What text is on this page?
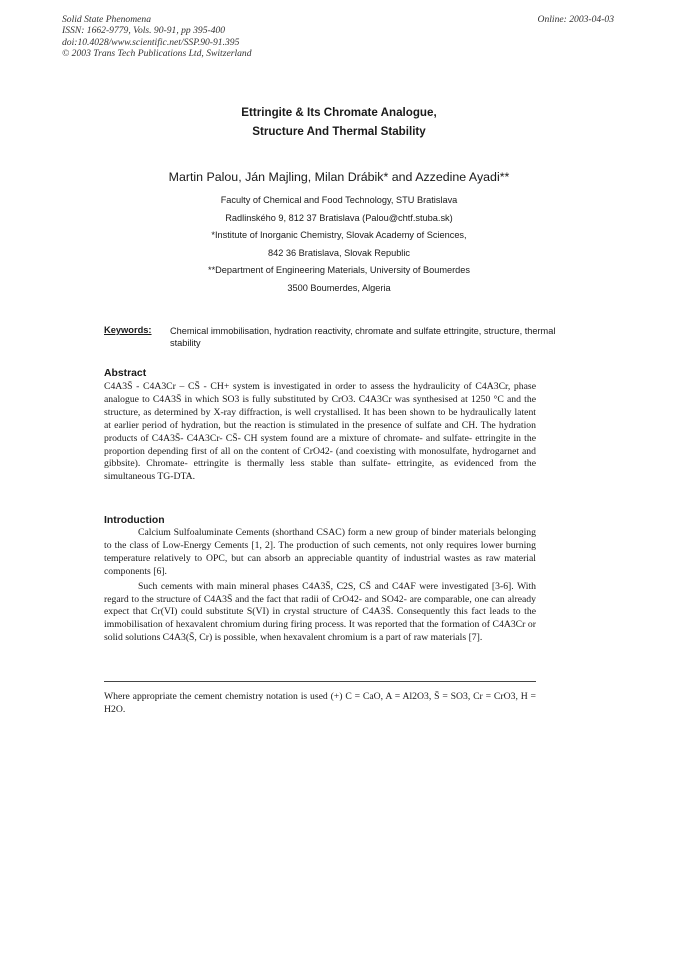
Solid State Phenomena
ISSN: 1662-9779, Vols. 90-91, pp 395-400
doi:10.4028/www.scientific.net/SSP.90-91.395
© 2003 Trans Tech Publications Ltd, Switzerland
Online: 2003-04-03
Ettringite & Its Chromate Analogue,
Structure And Thermal Stability
Martin Palou, Ján Majling, Milan Drábik* and Azzedine Ayadi**
Faculty of Chemical and Food Technology, STU Bratislava
Radlinského 9, 812 37 Bratislava (Palou@chtf.stuba.sk)
*Institute of Inorganic Chemistry, Slovak Academy of Sciences,
842 36 Bratislava, Slovak Republic
**Department of Engineering Materials, University of Boumerdes
3500 Boumerdes, Algeria
Keywords: Chemical immobilisation, hydration reactivity, chromate and sulfate ettringite, structure, thermal stability
Abstract

C4A3S̄ - C4A3Cr – CS̄ - CH+ system is investigated in order to assess the hydraulicity of C4A3Cr, phase analogue to C4A3S̄ in which SO3 is fully substituted by CrO3. C4A3Cr was synthesised at 1250 °C and the structure, as determined by X-ray diffraction, is well crystallised. It has been shown to be hydraulically latent at earlier period of hydration, but the reaction is stimulated in the presence of sulfate and CH. The hydration products of C4A3S̄- C4A3Cr- CS̄- CH system found are a mixture of chromate- and sulfate- ettringite in the proportion depending first of all on the content of CrO42- (and coexisting with monosulfate, hydrogarnet and gibbsite). Chromate- ettringite is thermally less stable than sulfate- ettringite, as evidenced from the simultaneous TG-DTA.

Introduction

Calcium Sulfoaluminate Cements (shorthand CSAC) form a new group of binder materials belonging to the class of Low-Energy Cements [1, 2]. The production of such cements, not only requires lower burning temperature relatively to OPC, but can absorb an appreciable quantity of industrial wastes as raw material components [6].

Such cements with main mineral phases C4A3S̄, C2S, CS̄ and C4AF were investigated [3-6]. With regard to the structure of C4A3S̄ and the fact that radii of CrO42- and SO42- are comparable, one can already expect that Cr(VI) could substitute S(VI) in crystal structure of C4A3S̄. Consequently this fact leads to the immobilisation of hexavalent chromium during firing process. It was reported that the formation of C4A3Cr or solid solutions C4A3(S̄, Cr) is possible, when hexavalent chromium is a part of raw materials [7].

Where appropriate the cement chemistry notation is used (+) C = CaO, A = Al2O3, S̄ = SO3, Cr = CrO3, H = H2O.
